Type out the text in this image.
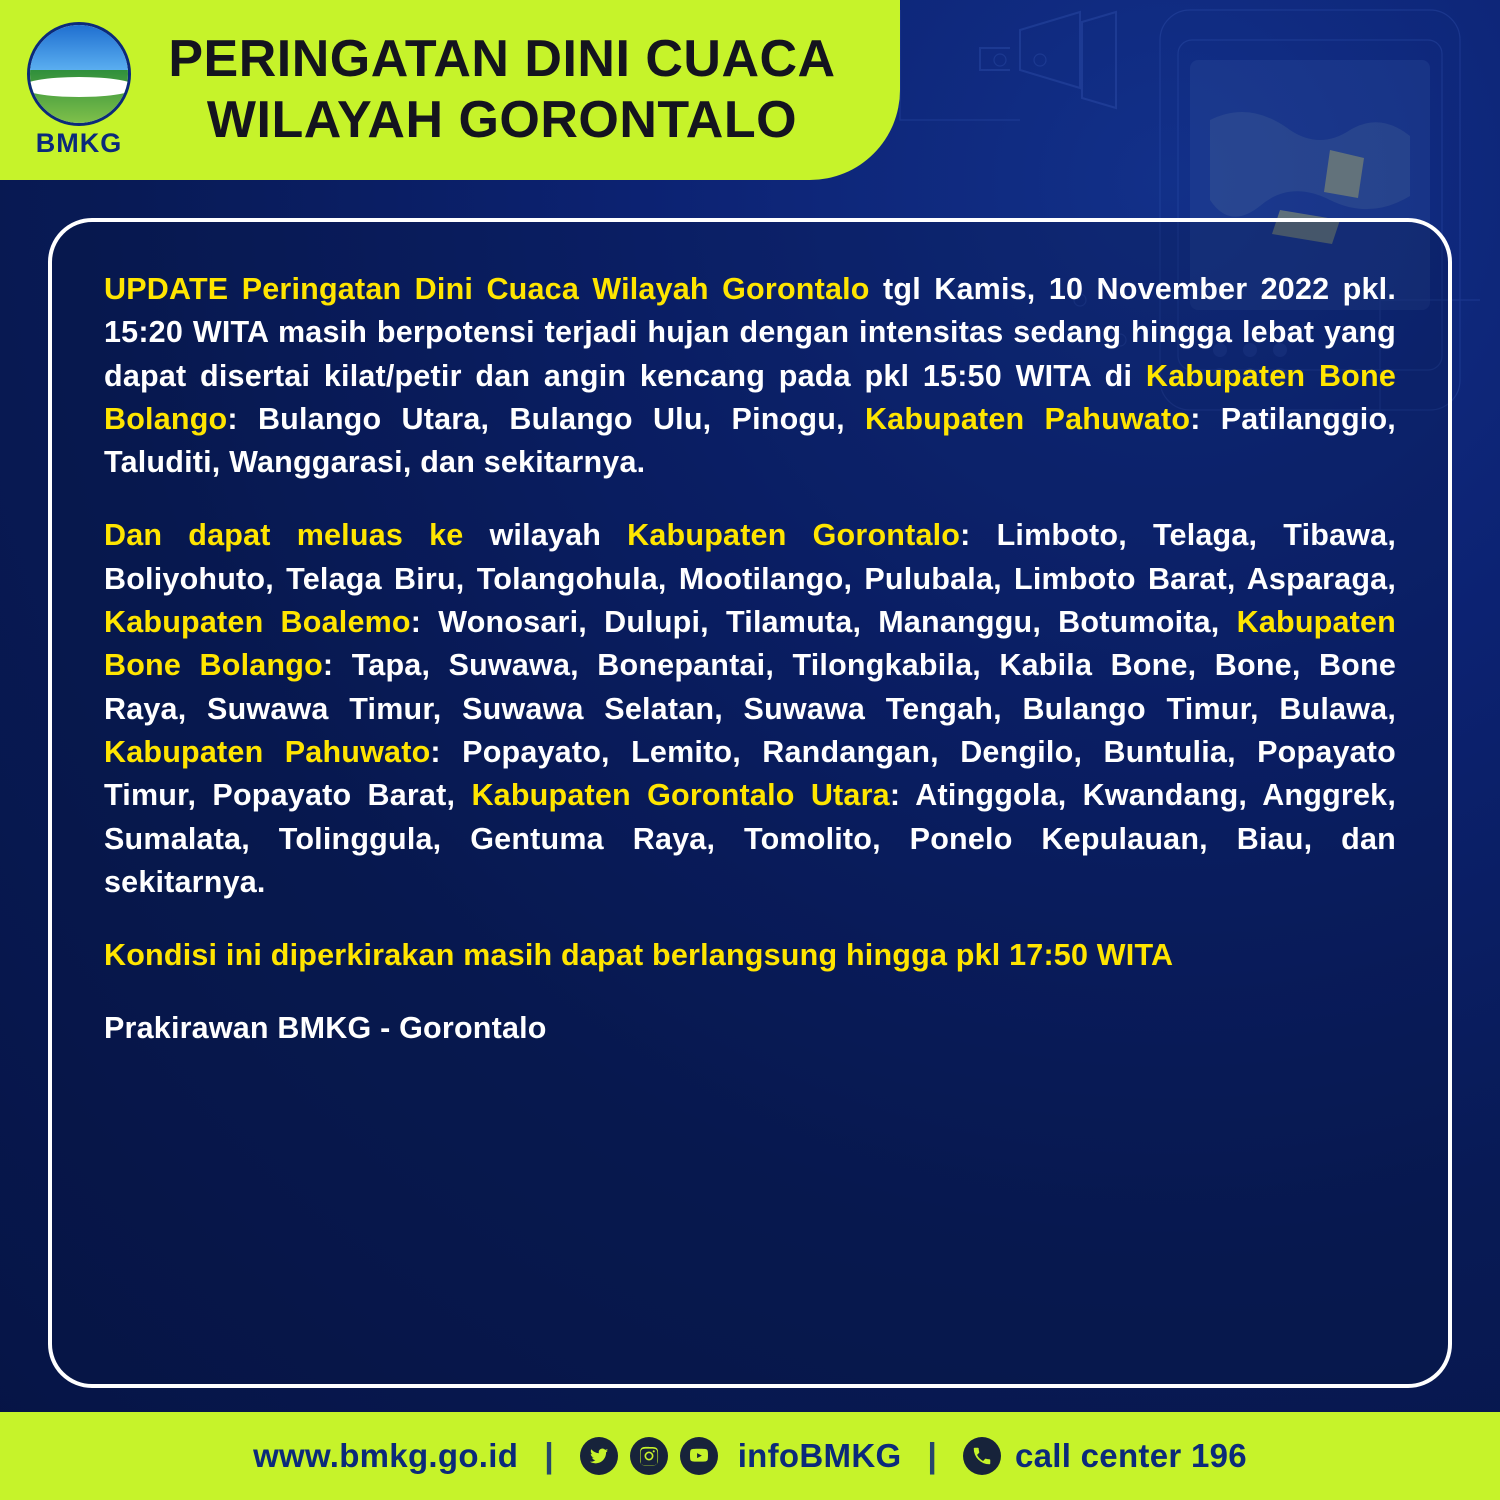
BMKG
PERINGATAN DINI CUACA
WILAYAH GORONTALO

UPDATE Peringatan Dini Cuaca Wilayah Gorontalo tgl Kamis, 10 November 2022 pkl. 15:20 WITA masih berpotensi terjadi hujan dengan intensitas sedang hingga lebat yang dapat disertai kilat/petir dan angin kencang pada pkl 15:50 WITA di Kabupaten Bone Bolango: Bulango Utara, Bulango Ulu, Pinogu, Kabupaten Pahuwato: Patilanggio, Taluditi, Wanggarasi, dan sekitarnya.

Dan dapat meluas ke wilayah Kabupaten Gorontalo: Limboto, Telaga, Tibawa, Boliyohuto, Telaga Biru, Tolangohula, Mootilango, Pulubala, Limboto Barat, Asparaga, Kabupaten Boalemo: Wonosari, Dulupi, Tilamuta, Mananggu, Botumoita, Kabupaten Bone Bolango: Tapa, Suwawa, Bonepantai, Tilongkabila, Kabila Bone, Bone, Bone Raya, Suwawa Timur, Suwawa Selatan, Suwawa Tengah, Bulango Timur, Bulawa, Kabupaten Pahuwato: Popayato, Lemito, Randangan, Dengilo, Buntulia, Popayato Timur, Popayato Barat, Kabupaten Gorontalo Utara: Atinggola, Kwandang, Anggrek, Sumalata, Tolinggula, Gentuma Raya, Tomolito, Ponelo Kepulauan, Biau, dan sekitarnya.

Kondisi ini diperkirakan masih dapat berlangsung hingga pkl 17:50 WITA

Prakirawan BMKG - Gorontalo

www.bmkg.go.id |	infoBMKG | call center 196
